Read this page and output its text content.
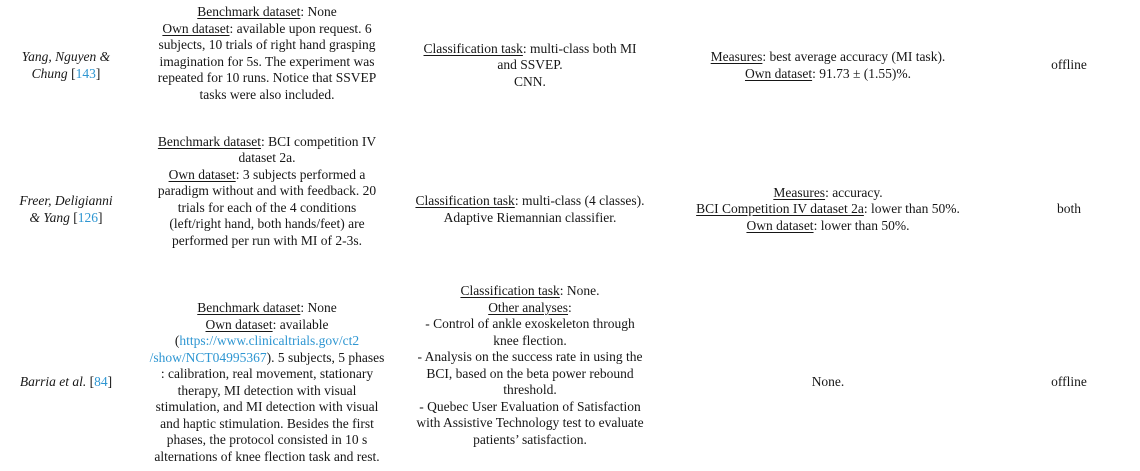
Yang, Nguyen &
Chung [143]
Benchmark dataset: None
Own dataset: available upon request. 6
subjects, 10 trials of right hand grasping
imagination for 5s. The experiment was
repeated for 10 runs. Notice that SSVEP
tasks were also included.
Classification task: multi-class both MI
and SSVEP.
CNN.
Measures: best average accuracy (MI task).
Own dataset: 91.73 ± (1.55)%.
offline
Freer, Deligianni
& Yang [126]
Benchmark dataset: BCI competition IV
dataset 2a.
Own dataset: 3 subjects performed a
paradigm without and with feedback. 20
trials for each of the 4 conditions
(left/right hand, both hands/feet) are
performed per run with MI of 2-3s.
Classification task: multi-class (4 classes).
Adaptive Riemannian classifier.
Measures: accuracy.
BCI Competition IV dataset 2a: lower than 50%.
Own dataset: lower than 50%.
both
Barria et al. [84]
Benchmark dataset: None
Own dataset: available
(https://www.clinicaltrials.gov/ct2
/show/NCT04995367). 5 subjects, 5 phases
: calibration, real movement, stationary
therapy, MI detection with visual
stimulation, and MI detection with visual
and haptic stimulation. Besides the first
phases, the protocol consisted in 10 s
alternations of knee flection task and rest.
Classification task: None.
Other analyses:
- Control of ankle exoskeleton through
knee flection.
- Analysis on the success rate in using the
BCI, based on the beta power rebound
threshold.
- Quebec User Evaluation of Satisfaction
with Assistive Technology test to evaluate
patients’ satisfaction.
None.	offline
